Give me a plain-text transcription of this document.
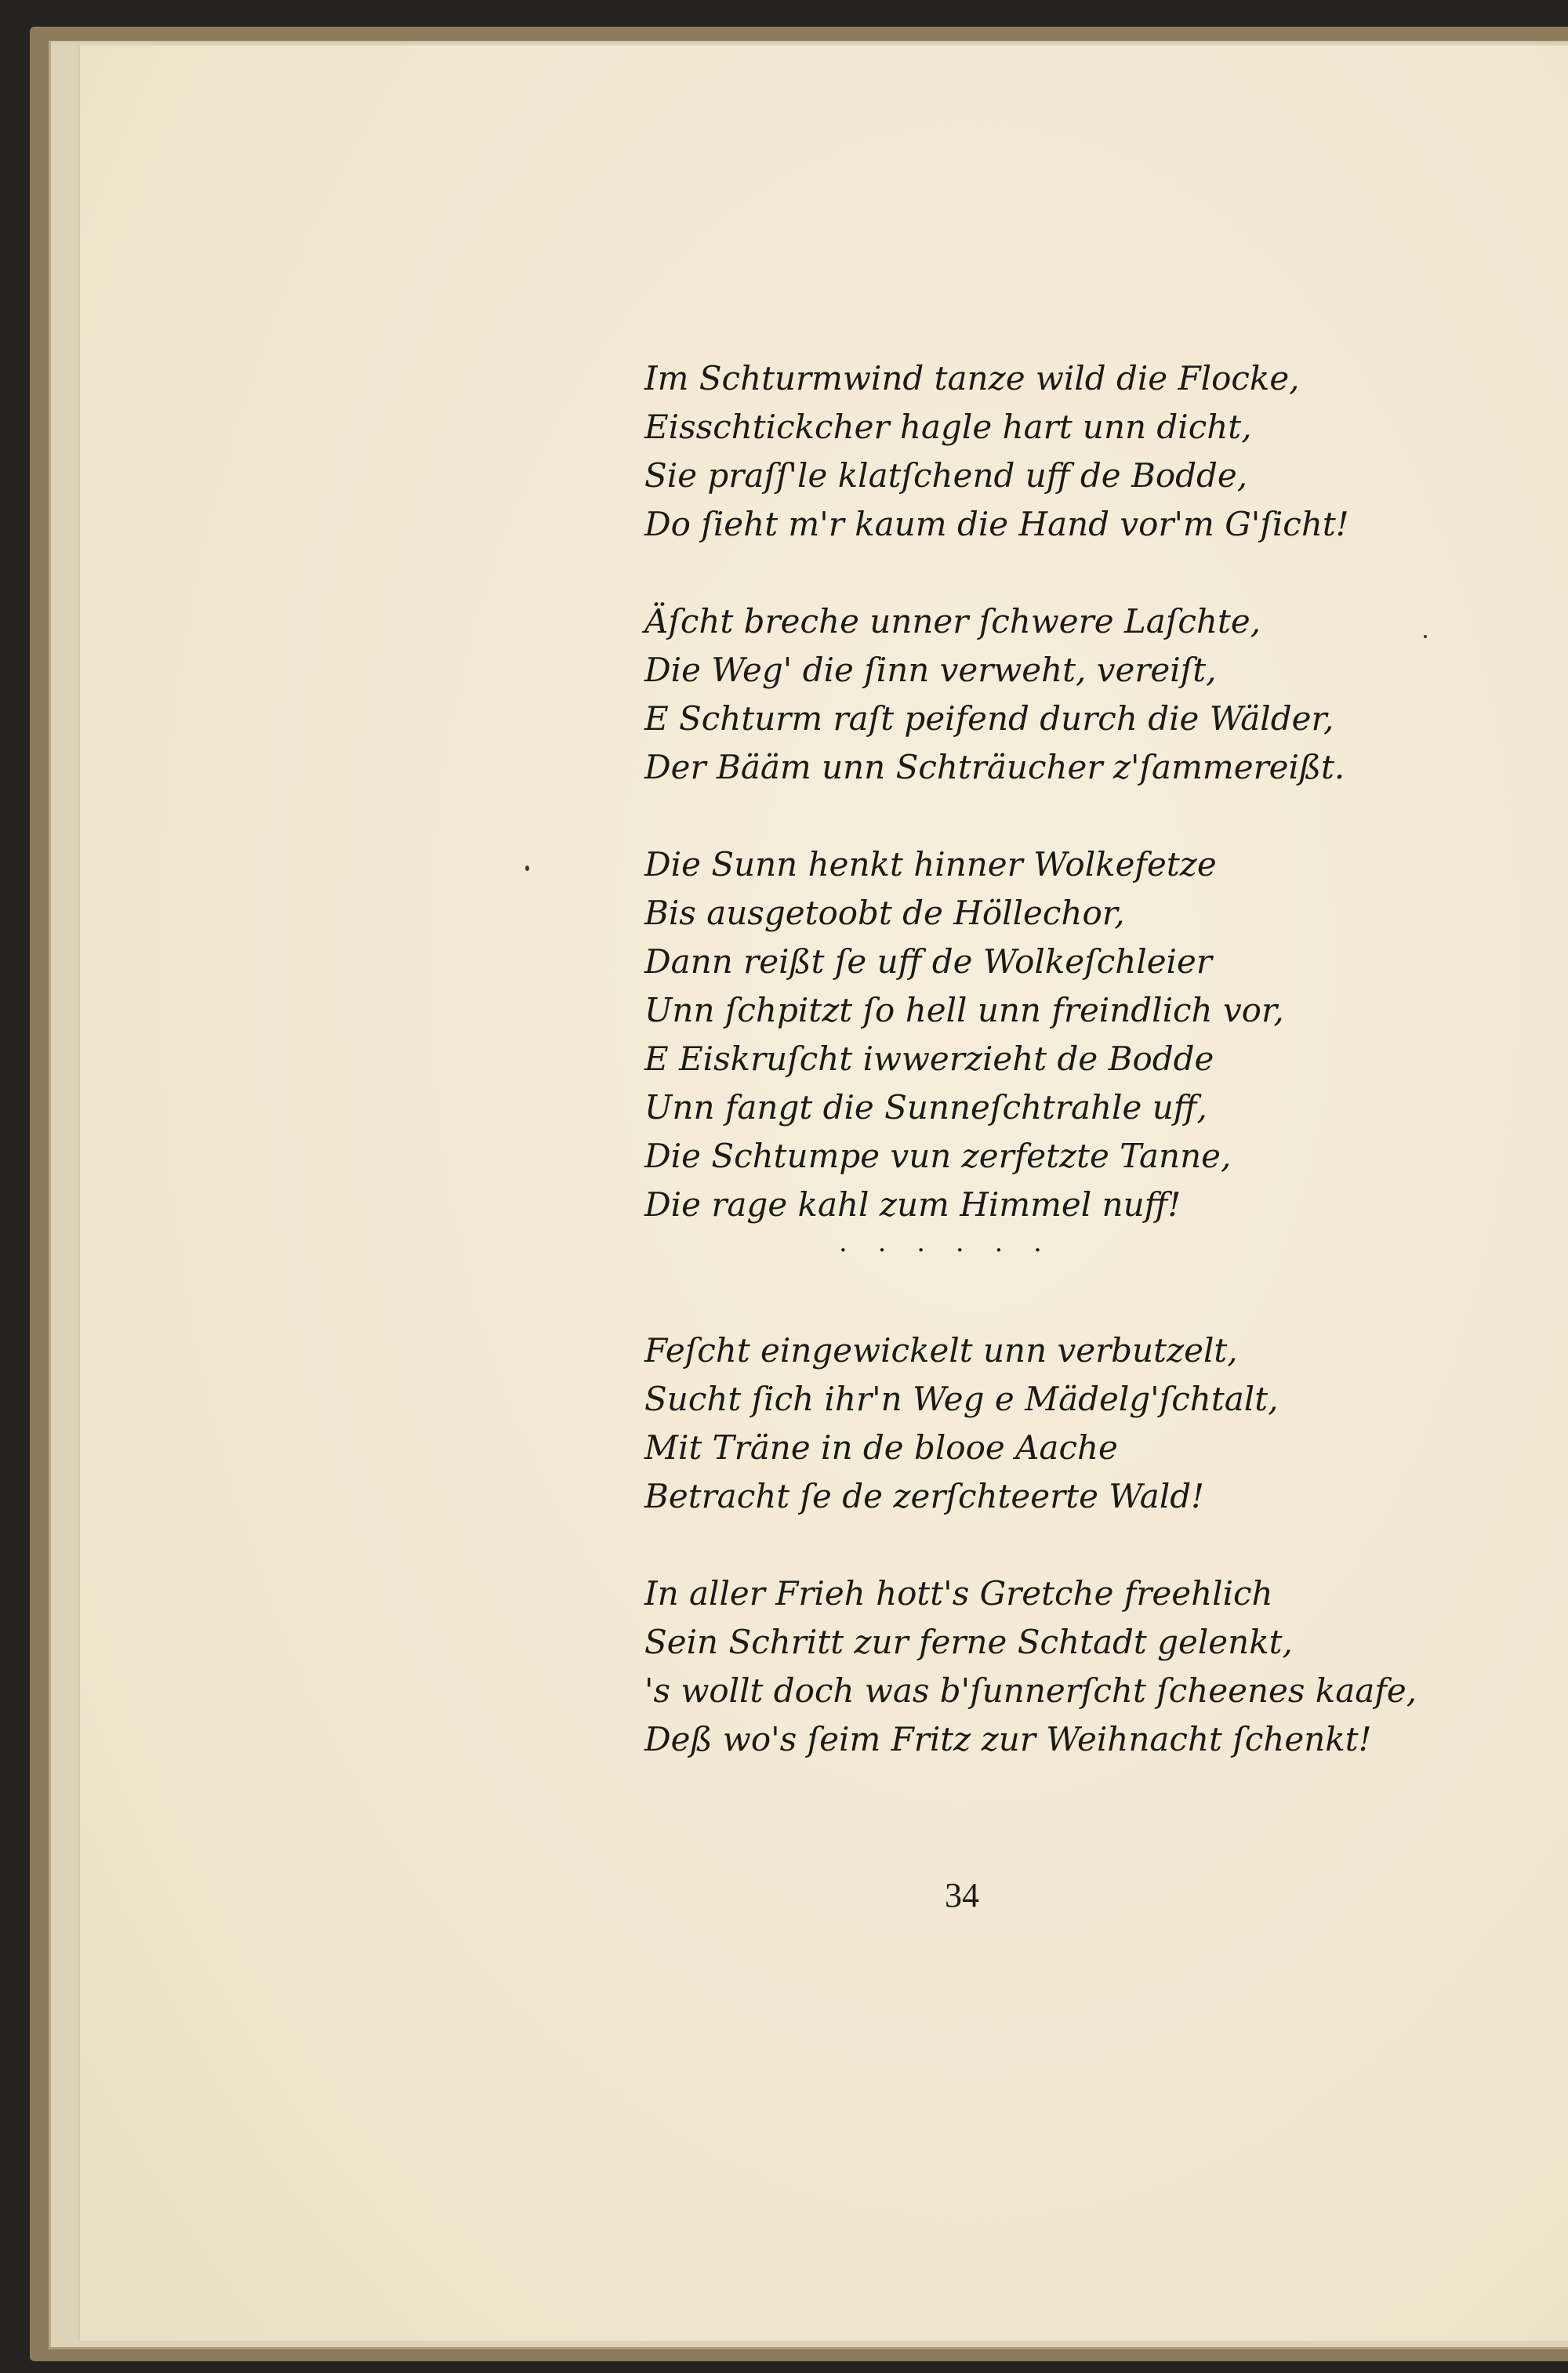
Im Schturmwind tanze wild die Flocke,
Eisschtickcher hagle hart unn dicht,
Sie praſſ'le klatſchend uff de Bodde,
Do ſieht m'r kaum die Hand vor'm G'ſicht!
Äſcht breche unner ſchwere Laſchte,
Die Weg' die ſinn verweht, vereiſt,
E Schturm raſt peifend durch die Wälder,
Der Bääm unn Schträucher z'ſammereißt.
Die Sunn henkt hinner Wolkefetze
Bis ausgetoobt de Höllechor,
Dann reißt ſe uff de Wolkeſchleier
Unn ſchpitzt ſo hell unn freindlich vor,
E Eiskruſcht iwwerzieht de Bodde
Unn fangt die Sunneſchtrahle uff,
Die Schtumpe vun zerfetzte Tanne,
Die rage kahl zum Himmel nuff!
· · · · · ·
Feſcht eingewickelt unn verbutzelt,
Sucht ſich ihr'n Weg e Mädelg'ſchtalt,
Mit Träne in de blooe Aache
Betracht ſe de zerſchteerte Wald!
In aller Frieh hott's Gretche freehlich
Sein Schritt zur ferne Schtadt gelenkt,
's wollt doch was b'ſunnerſcht ſcheenes kaafe,
Deß wo's ſeim Fritz zur Weihnacht ſchenkt!
34
